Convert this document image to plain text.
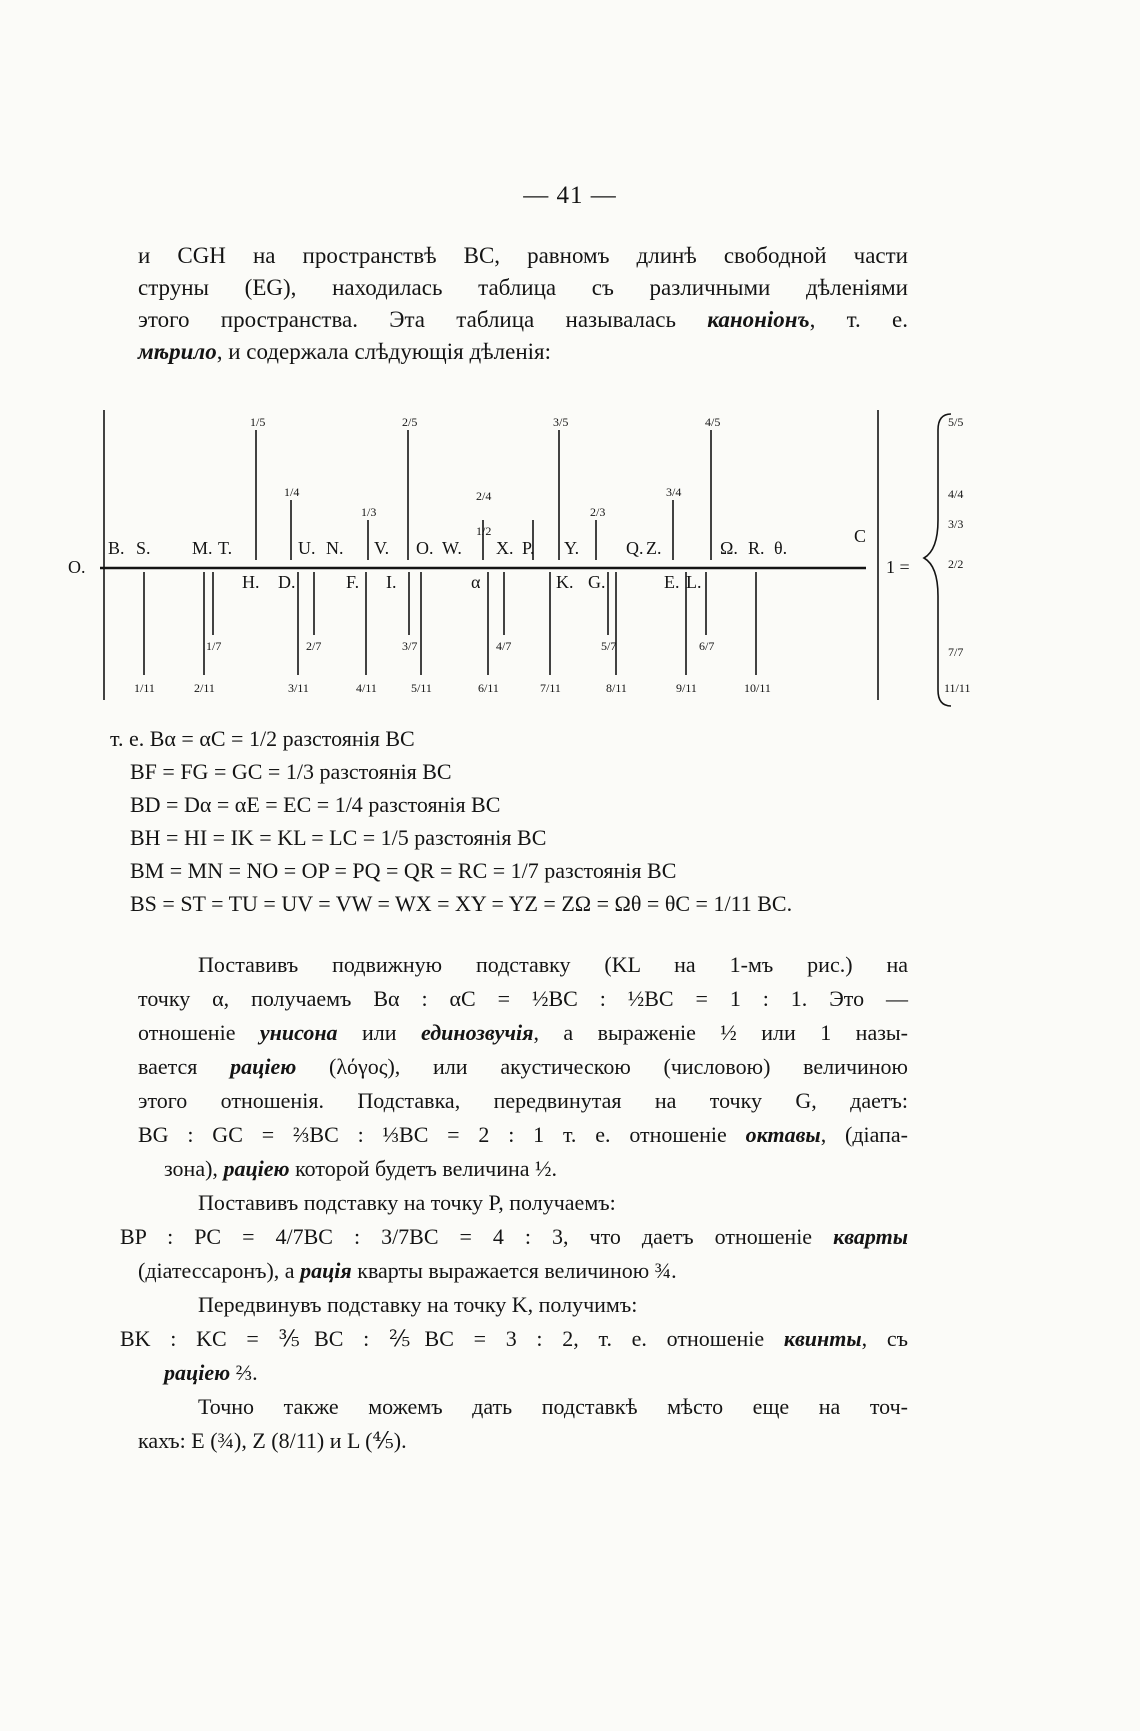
— 41 —
и CGH на пространствѣ BC, равномъ длинѣ свободной части
струны (EG), находилась таблица съ различными дѣленіями
этого пространства. Эта таблица называлась канонiонъ, т. е.
мѣрило, и содержала слѣдующія дѣленія:
O.
B. S. M. T.	U. N. V. O. W. X. P. Y.	Q. Z.	Ω. R. θ.
C
H. D.	F. I.	α	K. G.	E. L.
1/5	2/5	3/5	4/5
1/4
1/3
2/4
1/2
2/3
3/4
1/7	2/7	3/7	4/7	5/7	6/7
1/11	2/11	3/11	4/11	5/11	6/11	7/11	8/11	9/11	10/11
1 =
5/5
4/4
3/3
2/2
7/7
11/11
т. е. Bα = αC = 1/2 разстоянія BC
BF = FG = GC = 1/3 разстоянія BC
BD = Dα = αE = EC = 1/4 разстоянія BC
BH = HI = IK = KL = LC = 1/5 разстоянія BC
BM = MN = NO = OP = PQ = QR = RC = 1/7 разстоянія BC
BS = ST = TU = UV = VW = WX = XY = YZ = ZΩ = Ωθ = θC = 1/11 BC.
Поставивъ подвижную подставку (KL на 1-мъ рис.) на
точку α, получаемъ Bα : αC = ½BC : ½BC = 1 : 1. Это —
отношеніе унисона или единозвучія, а выраженіе ½ или 1 назы-
вается раціею (λόγος), или акустическою (числовою) величиною
этого отношенія. Подставка, передвинутая на точку G, даетъ:
BG : GC = ⅔BC : ⅓BC = 2 : 1 т. е. отношеніе октавы, (діапа-
зона), раціею которой будетъ величина ½.
Поставивъ подставку на точку P, получаемъ:
BP : PC = 4/7BC : 3/7BC = 4 : 3, что даетъ отношеніе кварты
(діатессаронъ), а рація кварты выражается величиною ¾.
Передвинувъ подставку на точку K, получимъ:
BK : KC = ⅗BC : ⅖BC = 3 : 2, т. е. отношеніе квинты, съ
раціею ⅔.
Точно также можемъ дать подставкѣ мѣсто еще на точ-
кахъ: E (¾), Z (8/11) и L (⅘).
